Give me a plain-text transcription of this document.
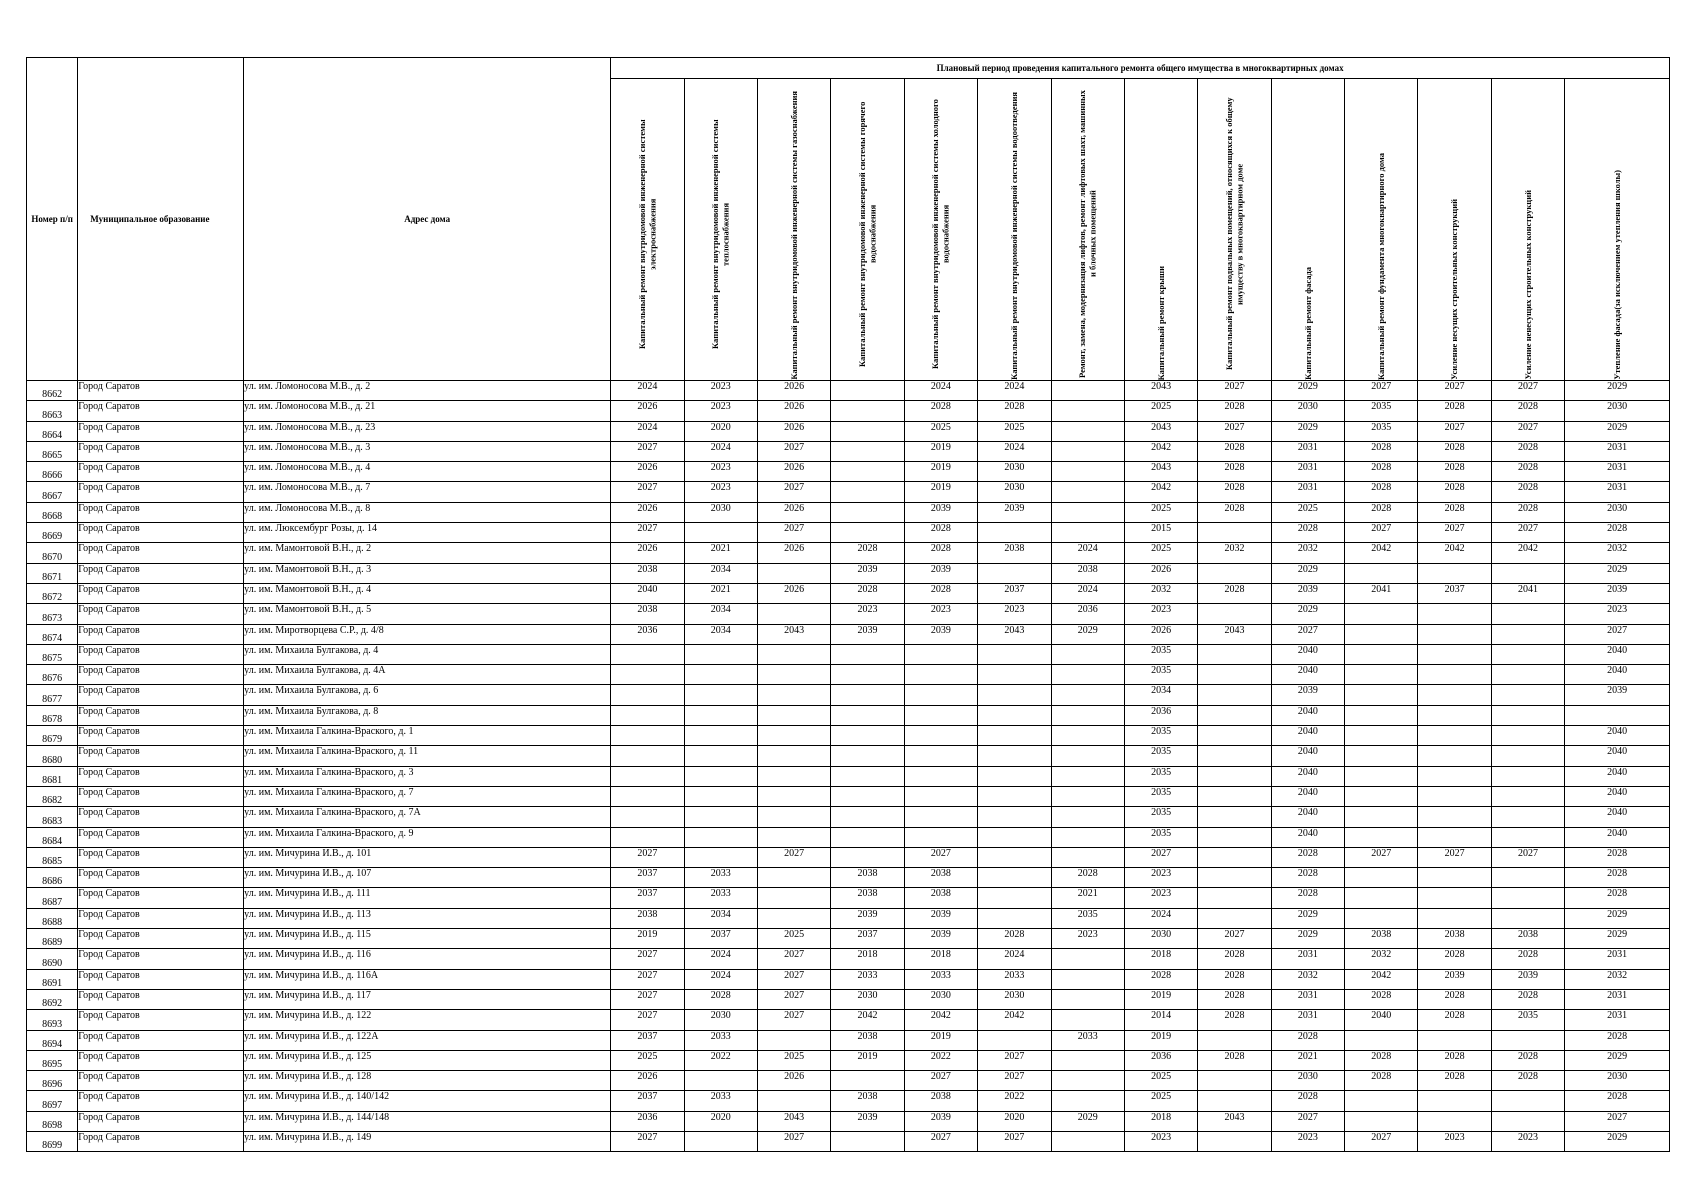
Номер п/п	Муниципальное образование	Адрес дома	Плановый период проведения капитального ремонта общего имущества в многоквартирных домах													

			Капитальный ремонт внутридомовой инженерной системы электроснабжения	Капитальный ремонт внутридомовой инженерной системы теплоснабжения	Капитальный ремонт внутридомовой инженерной системы газоснабжения	Капитальный ремонт внутридомовой инженерной системы горячего водоснабжения	Капитальный ремонт внутридомовой инженерной системы холодного водоснабжения	Капитальный ремонт внутридомовой инженерной системы водоотведения	Ремонт, замена, модернизация лифтов, ремонт лифтовых шахт, машинных и блочных помещений	Капитальный ремонт крыши	Капитальный ремонт подвальных помещений, относящихся к общему имуществу в многоквартирном доме	Капитальный ремонт фасада	Капитальный ремонт фундамента многоквартирного дома	Усиление несущих строительных конструкций	Усиление ненесущих строительных конструкций	Утепление фасада(за исключением утепления школы)

8662	Город Саратов	ул. им. Ломоносова М.В., д. 2	2024	2023	2026		2024	2024		2043	2027	2029	2027	2027	2027	2029
8663	Город Саратов	ул. им. Ломоносова М.В., д. 21	2026	2023	2026		2028	2028		2025	2028	2030	2035	2028	2028	2030
8664	Город Саратов	ул. им. Ломоносова М.В., д. 23	2024	2020	2026		2025	2025		2043	2027	2029	2035	2027	2027	2029
8665	Город Саратов	ул. им. Ломоносова М.В., д. 3	2027	2024	2027		2019	2024		2042	2028	2031	2028	2028	2028	2031
8666	Город Саратов	ул. им. Ломоносова М.В., д. 4	2026	2023	2026		2019	2030		2043	2028	2031	2028	2028	2028	2031
8667	Город Саратов	ул. им. Ломоносова М.В., д. 7	2027	2023	2027		2019	2030		2042	2028	2031	2028	2028	2028	2031
8668	Город Саратов	ул. им. Ломоносова М.В., д. 8	2026	2030	2026		2039	2039		2025	2028	2025	2028	2028	2028	2030
8669	Город Саратов	ул. им. Люксембург Розы, д. 14	2027		2027		2028			2015		2028	2027	2027	2027	2028
8670	Город Саратов	ул. им. Мамонтовой В.Н., д. 2	2026	2021	2026	2028	2028	2038	2024	2025	2032	2032	2042	2042	2042	2032
8671	Город Саратов	ул. им. Мамонтовой В.Н., д. 3	2038	2034		2039	2039		2038	2026		2029				2029
8672	Город Саратов	ул. им. Мамонтовой В.Н., д. 4	2040	2021	2026	2028	2028	2037	2024	2032	2028	2039	2041	2037	2041	2039
8673	Город Саратов	ул. им. Мамонтовой В.Н., д. 5	2038	2034		2023	2023	2023	2036	2023		2029				2023
8674	Город Саратов	ул. им. Миротворцева С.Р., д. 4/8	2036	2034	2043	2039	2039	2043	2029	2026	2043	2027				2027
8675	Город Саратов	ул. им. Михаила Булгакова, д. 4								2035		2040				2040
8676	Город Саратов	ул. им. Михаила Булгакова, д. 4А								2035		2040				2040
8677	Город Саратов	ул. им. Михаила Булгакова, д. 6								2034		2039				2039
8678	Город Саратов	ул. им. Михаила Булгакова, д. 8								2036		2040				
8679	Город Саратов	ул. им. Михаила Галкина-Враского, д. 1								2035		2040				2040
8680	Город Саратов	ул. им. Михаила Галкина-Враского, д. 11								2035		2040				2040
8681	Город Саратов	ул. им. Михаила Галкина-Враского, д. 3								2035		2040				2040
8682	Город Саратов	ул. им. Михаила Галкина-Враского, д. 7								2035		2040				2040
8683	Город Саратов	ул. им. Михаила Галкина-Враского, д. 7А								2035		2040				2040
8684	Город Саратов	ул. им. Михаила Галкина-Враского, д. 9								2035		2040				2040
8685	Город Саратов	ул. им. Мичурина И.В., д. 101	2027		2027		2027			2027		2028	2027	2027	2027	2028
8686	Город Саратов	ул. им. Мичурина И.В., д. 107	2037	2033		2038	2038		2028	2023		2028				2028
8687	Город Саратов	ул. им. Мичурина И.В., д. 111	2037	2033		2038	2038		2021	2023		2028				2028
8688	Город Саратов	ул. им. Мичурина И.В., д. 113	2038	2034		2039	2039		2035	2024		2029				2029
8689	Город Саратов	ул. им. Мичурина И.В., д. 115	2019	2037	2025	2037	2039	2028	2023	2030	2027	2029	2038	2038	2038	2029
8690	Город Саратов	ул. им. Мичурина И.В., д. 116	2027	2024	2027	2018	2018	2024		2018	2028	2031	2032	2028	2028	2031
8691	Город Саратов	ул. им. Мичурина И.В., д. 116А	2027	2024	2027	2033	2033	2033		2028	2028	2032	2042	2039	2039	2032
8692	Город Саратов	ул. им. Мичурина И.В., д. 117	2027	2028	2027	2030	2030	2030		2019	2028	2031	2028	2028	2028	2031
8693	Город Саратов	ул. им. Мичурина И.В., д. 122	2027	2030	2027	2042	2042	2042		2014	2028	2031	2040	2028	2035	2031
8694	Город Саратов	ул. им. Мичурина И.В., д. 122А	2037	2033		2038	2019		2033	2019		2028				2028
8695	Город Саратов	ул. им. Мичурина И.В., д. 125	2025	2022	2025	2019	2022	2027		2036	2028	2021	2028	2028	2028	2029
8696	Город Саратов	ул. им. Мичурина И.В., д. 128	2026		2026		2027	2027		2025		2030	2028	2028	2028	2030
8697	Город Саратов	ул. им. Мичурина И.В., д. 140/142	2037	2033		2038	2038	2022		2025		2028				2028
8698	Город Саратов	ул. им. Мичурина И.В., д. 144/148	2036	2020	2043	2039	2039	2020	2029	2018	2043	2027				2027
8699	Город Саратов	ул. им. Мичурина И.В., д. 149	2027		2027		2027	2027		2023		2023	2027	2023	2023	2029
